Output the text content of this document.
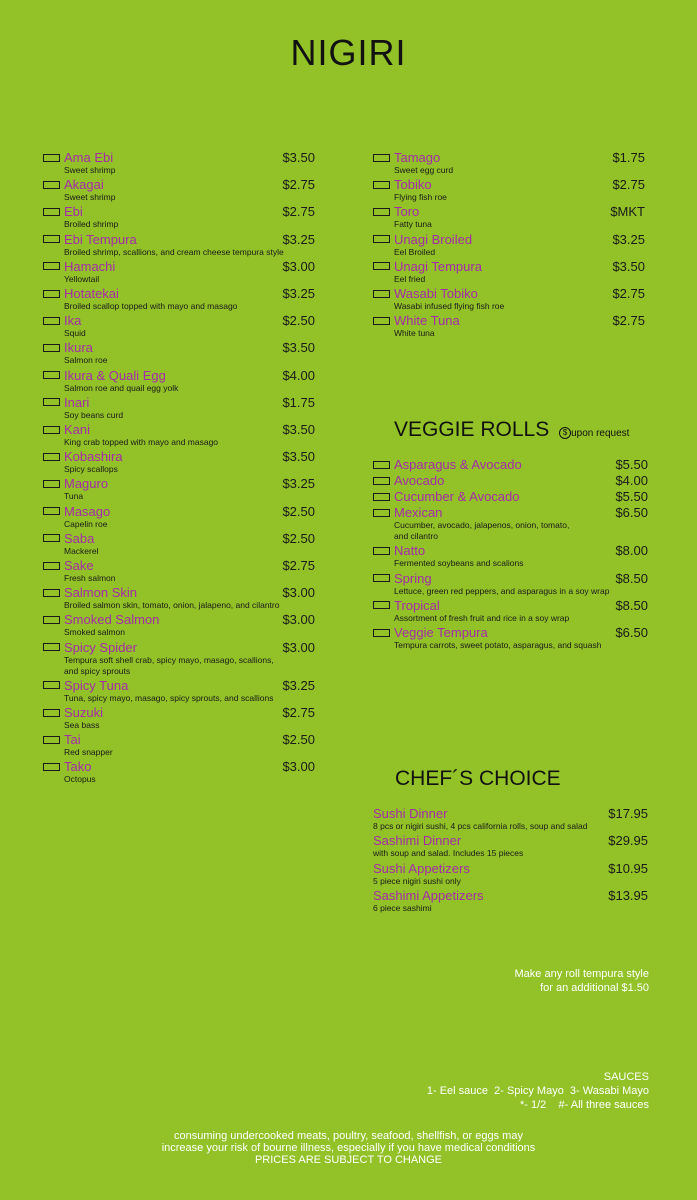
NIGIRI
Ama Ebi	$3.50
Sweet shrimp
Akagai	$2.75
Sweet shrimp
Ebi	$2.75
Broiled shrimp
Ebi Tempura	$3.25
Broiled shrimp, scallions, and cream cheese tempura style
Hamachi	$3.00
Yellowtail
Hotatekai	$3.25
Broiled scallop topped with mayo and masago
Ika	$2.50
Squid
Ikura	$3.50
Salmon roe
Ikura & Quali Egg	$4.00
Salmon roe and quail egg yolk
Inari	$1.75
Soy beans curd
Kani	$3.50
King crab topped with mayo and masago
Kobashira	$3.50
Spicy scallops
Maguro	$3.25
Tuna
Masago	$2.50
Capelin roe
Saba	$2.50
Mackerel
Sake	$2.75
Fresh salmon
Salmon Skin	$3.00
Broiled salmon skin, tomato, onion, jalapeno, and cilantro
Smoked Salmon	$3.00
Smoked salmon
Spicy Spider	$3.00
Tempura soft shell crab, spicy mayo, masago, scallions,
and spicy sprouts
Spicy Tuna	$3.25
Tuna, spicy mayo, masago, spicy sprouts, and scallions
Suzuki	$2.75
Sea bass
Tai	$2.50
Red snapper
Tako	$3.00
Octopus
Tamago	$1.75
Sweet egg curd
Tobiko	$2.75
Flying fish roe
Toro	$MKT
Fatty tuna
Unagi Broiled	$3.25
Eel Broiled
Unagi Tempura	$3.50
Eel fried
Wasabi Tobiko	$2.75
Wasabi infused flying fish roe
White Tuna	$2.75
White tuna
VEGGIE ROLLS $ upon request
Asparagus & Avocado	$5.50
Avocado	$4.00
Cucumber & Avocado	$5.50
Mexican	$6.50
Cucumber, avocado, jalapenos, onion, tomato,
and cilantro
Natto	$8.00
Fermented soybeans and scalions
Spring	$8.50
Lettuce, green red peppers, and asparagus in a soy wrap
Tropical	$8.50
Assortment of fresh fruit and rice in a soy wrap
Veggie Tempura	$6.50
Tempura carrots, sweet potato, asparagus, and squash
CHEF´S CHOICE
Sushi Dinner	$17.95
8 pcs or nigiri sushi, 4 pcs california rolls, soup and salad
Sashimi Dinner	$29.95
with soup and salad. Includes 15 pieces
Sushi Appetizers	$10.95
5 piece nigiri sushi only
Sashimi Appetizers	$13.95
6 piece sashimi
Make any roll tempura style
for an additional $1.50
SAUCES
1- Eel sauce  2- Spicy Mayo  3- Wasabi Mayo
*- 1/2    #- All three sauces
consuming undercooked meats, poultry, seafood, shellfish, or eggs may
increase your risk of bourne illness, especially if you have medical conditions
PRICES ARE SUBJECT TO CHANGE
